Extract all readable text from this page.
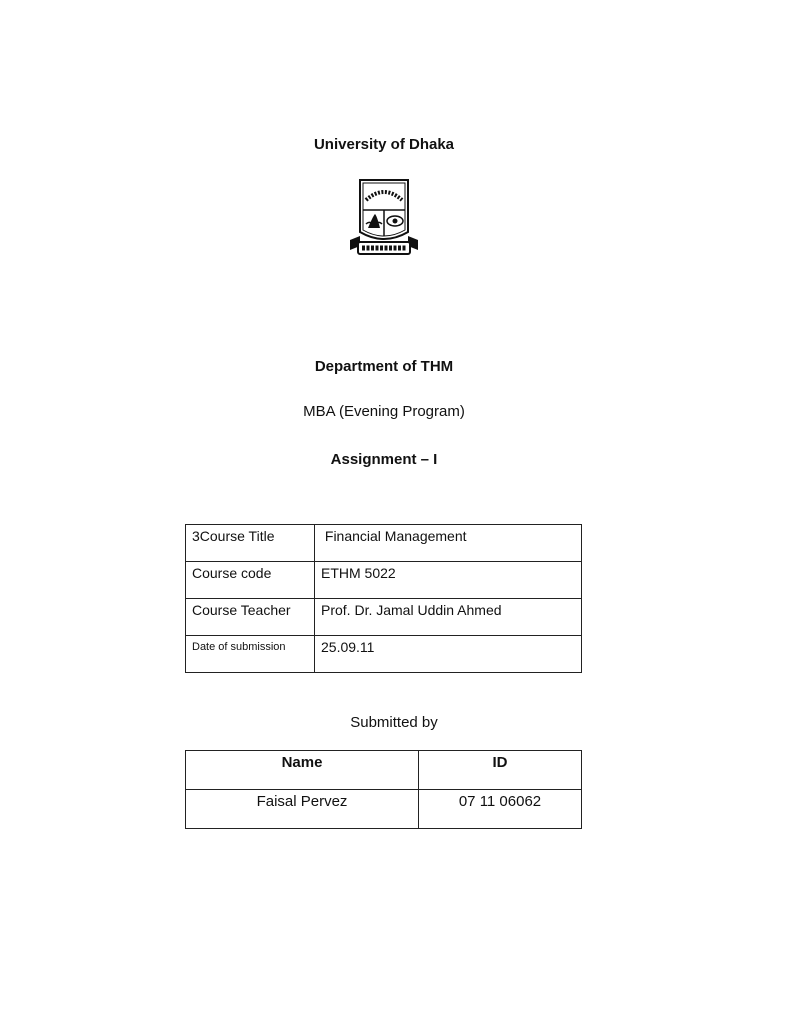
University of Dhaka
Department of THM
MBA (Evening Program)
Assignment – I
3Course Title	Financial Management
Course code	ETHM 5022
Course Teacher	Prof. Dr. Jamal Uddin Ahmed
Date of submission	25.09.11
Submitted by
Name	ID
Faisal Pervez	07 11 06062
